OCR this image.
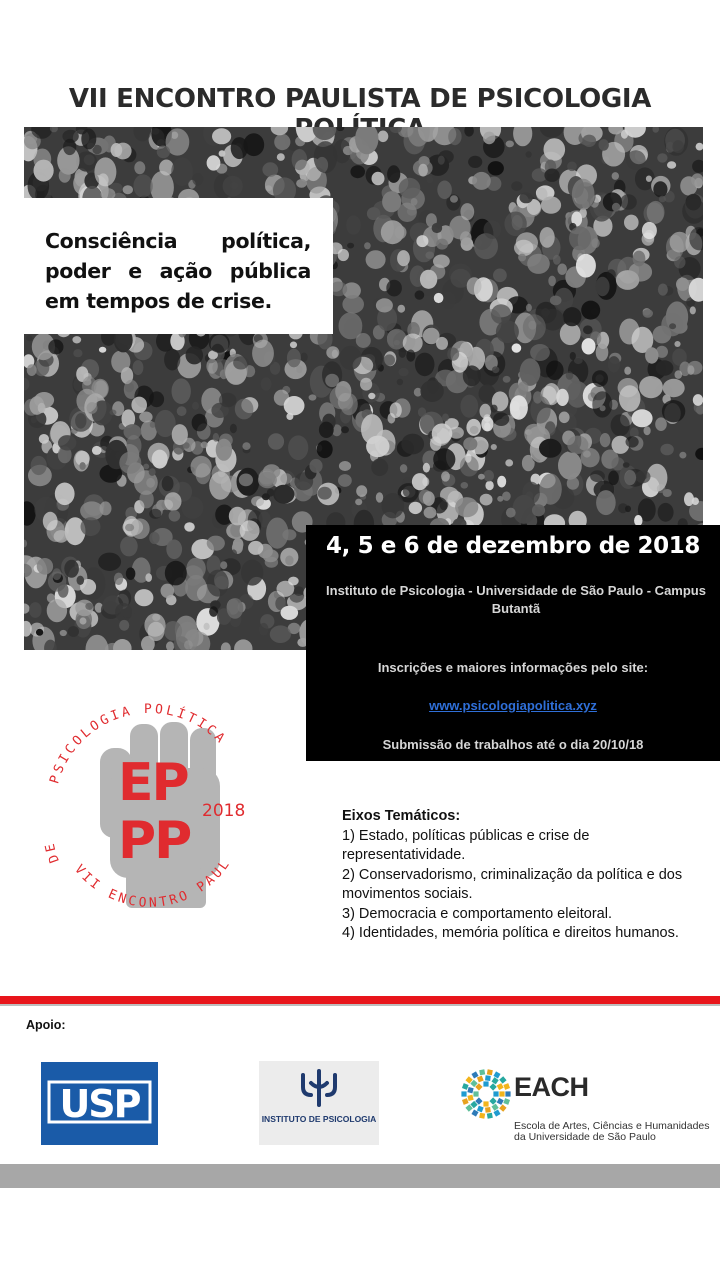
VII ENCONTRO PAULISTA DE PSICOLOGIA
Consciência política, poder e ação pública em tempos de crise.
4, 5 e 6 de dezembro de 2018
Instituto de Psicologia - Universidade de São Paulo - Campus Butantã
Inscrições e maiores informações pelo site:
www.psicologiapolitica.xyz
Submissão de trabalhos até o dia 20/10/18
EP
PP 2018
PSICOLOGIA POLÍTICA
DE
VII ENCONTRO PAUL
Eixos Temáticos:
1) Estado, políticas públicas e crise de representatividade.
2) Conservadorismo, criminalização da política e dos movimentos sociais.
3) Democracia e comportamento eleitoral.
4) Identidades, memória política e direitos humanos.
Apoio:
USP	INSTITUTO DE PSICOLOGIA
EACH
Escola de Artes, Ciências e Humanidades
da Universidade de São Paulo
